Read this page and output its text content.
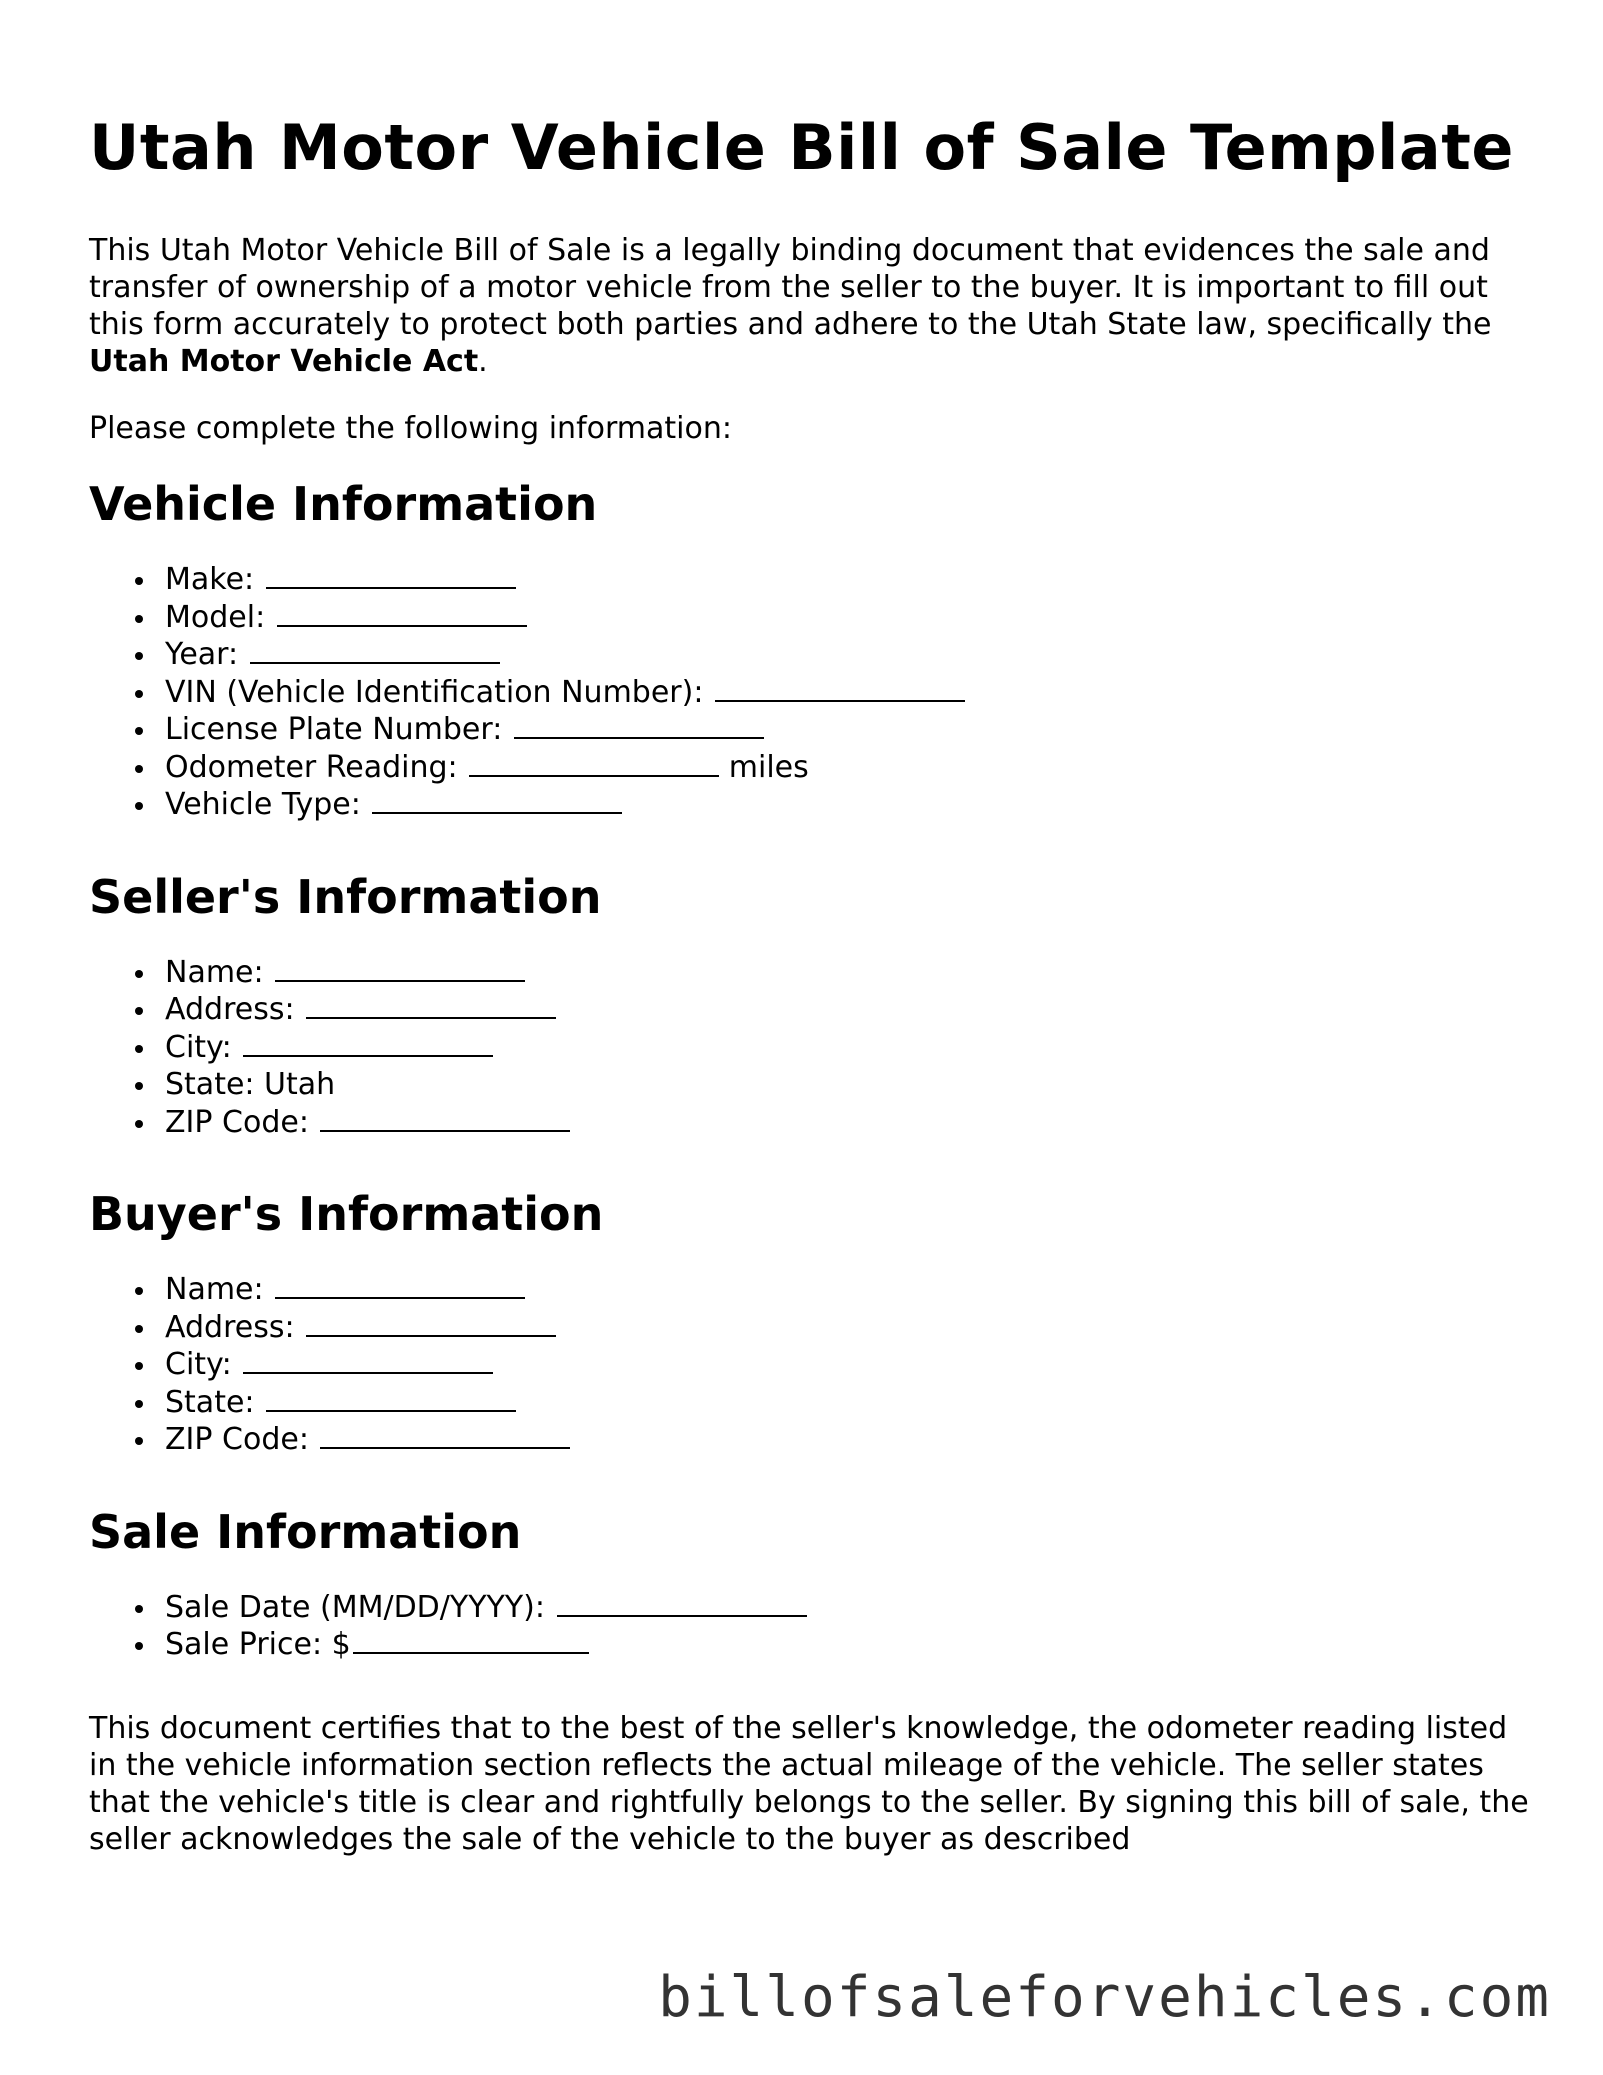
Utah Motor Vehicle Bill of Sale Template

This Utah Motor Vehicle Bill of Sale is a legally binding document that evidences the sale and transfer of ownership of a motor vehicle from the seller to the buyer. It is important to fill out this form accurately to protect both parties and adhere to the Utah State law, specifically the Utah Motor Vehicle Act.

Please complete the following information:

Vehicle Information
Make:
Model:
Year:
VIN (Vehicle Identification Number):
License Plate Number:
Odometer Reading:	miles
Vehicle Type:
Seller's Information
Name:
Address:
City:
State: Utah
ZIP Code:
Buyer's Information
Name:
Address:
City:
State:
ZIP Code:
Sale Information
Sale Date (MM/DD/YYYY):
Sale Price: $

This document certifies that to the best of the seller's knowledge, the odometer reading listed in the vehicle information section reflects the actual mileage of the vehicle. The seller states that the vehicle's title is clear and rightfully belongs to the seller. By signing this bill of sale, the seller acknowledges the sale of the vehicle to the buyer as described

billofsaleforvehicles.com
